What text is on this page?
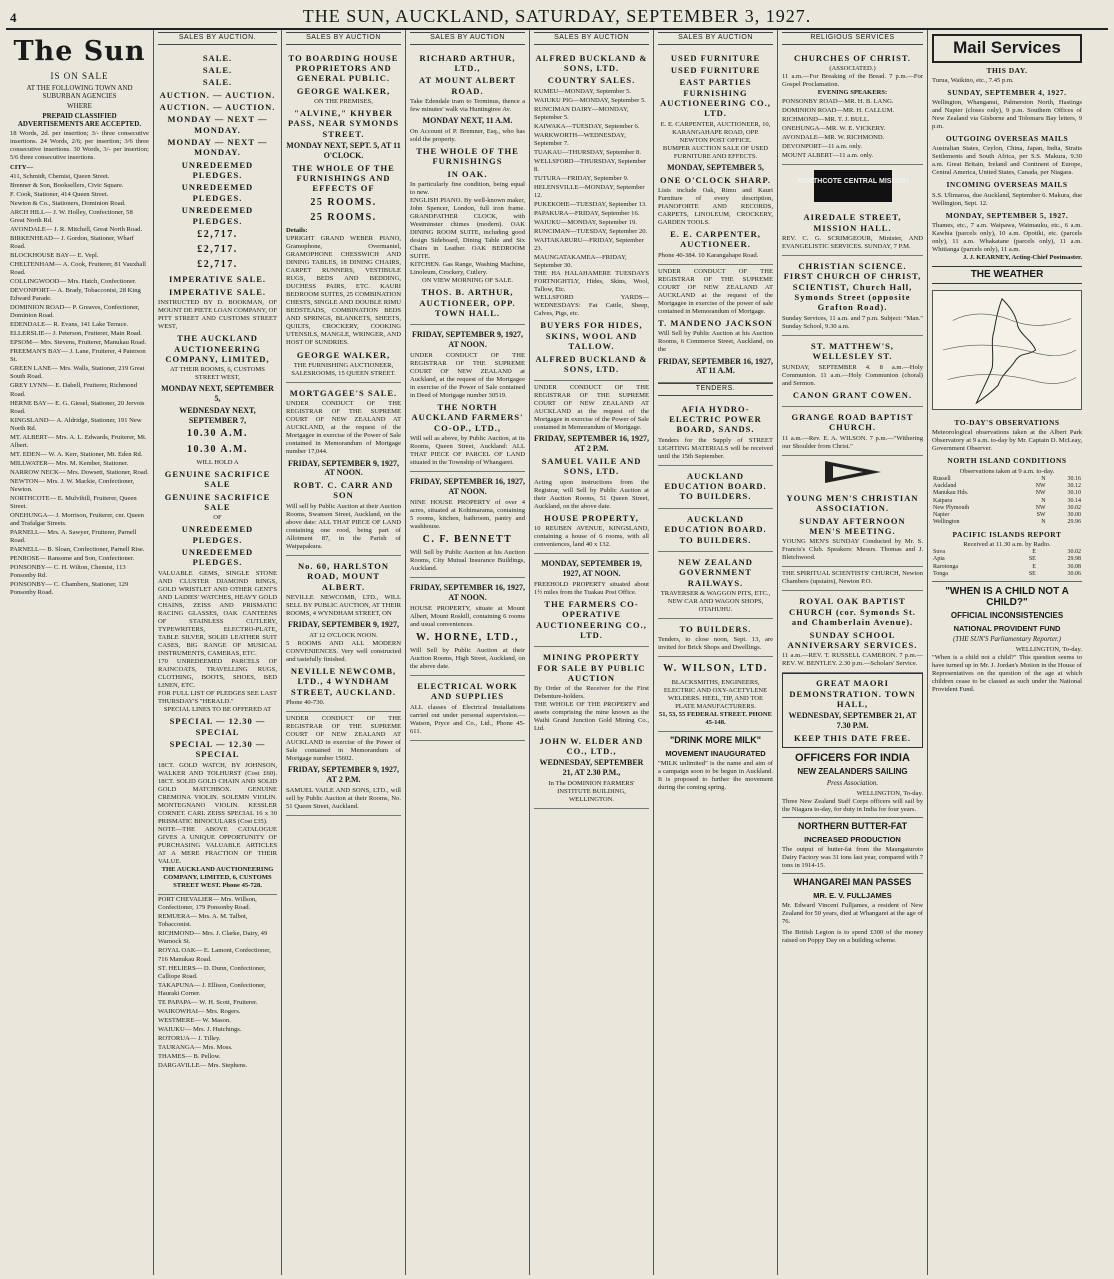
4	THE SUN, AUCKLAND, SATURDAY, SEPTEMBER 3, 1927.
The Sun
IS ON SALE
AT THE FOLLOWING TOWN AND SUBURBAN AGENCIES
WHERE
PREPAID CLASSIFIED ADVERTISEMENTS ARE ACCEPTED.
18 Words, 2d. per insertion; 3/- three consecutive insertions. 24 Words, 2/6; per insertion; 3/6 three consecutive insertions. 30 Words, 3/- per insertion; 5/6 three consecutive insertions.
CITY—
411, Schmidt, Chemist, Queen Street.
Brenner & Son, Booksellers, Civic Square.
F. Cook, Stationer, 414 Queen Street.
Newton & Co., Stationers, Dominion Road.
ARCH HILL— J. W. Holley, Confectioner, 58 Great North Rd.
AVONDALE— J. R. Mitchell, Great North Road.
BIRKENHEAD— J. Gordon, Stationer, Wharf Road.
BLOCKHOUSE BAY— E. Vepl.
CHELTENHAM— A. Cook, Fruiterer, 81 Vauxhall Road.
COLLINGWOOD— Mrs. Hatch, Confectioner.
DEVONPORT— A. Brady, Tobacconist, 28 King Edward Parade.
DOMINION ROAD— P. Greaves, Confectioner, Dominion Road.
EDENDALE— R. Evans, 141 Lake Terrace.
ELLERSLIE— J. Peterson, Fruiterer, Main Road.
EPSOM— Mrs. Stevens, Fruiterer, Manukau Road.
FREEMAN'S BAY— J. Lane, Fruiterer, 4 Paterson St.
GREEN LANE— Mrs. Walls, Stationer, 219 Great South Road.
GREY LYNN— E. Dabell, Fruiterer, Richmond Road.
HERNE BAY— E. G. Giesel, Stationer, 20 Jervois Road.
KINGSLAND— A. Aldridge, Stationer, 191 New North Rd.
MT. ALBERT— Mrs. A. L. Edwards, Fruiterer, Mt. Albert.
MT. EDEN— W. A. Kerr, Stationer, Mt. Eden Rd.
MILLWATER— Mrs. M. Kember, Stationer.
NARROW NECK— Mrs. Dowsett, Stationer, Road.
NEWTON— Mrs. J. W. Mackie, Confectioner, Newton.
NORTHCOTE— E. Mulvihill, Fruiterer, Queen Street.
ONEHUNGA— J. Morrison, Fruiterer, cnr. Queen and Trafalgar Streets.
PARNELL— Mrs. A. Sawyer, Fruiterer, Parnell Road.
PARNELL— B. Sloan, Confectioner, Parnell Rise.
PENROSE— Ransome and Son, Confectioner.
PONSONBY— C. H. Wilton, Chemist, 113 Ponsonby Rd.
PONSONBY— C. Chambers, Stationer, 129 Ponsonby Road.
SALES BY AUCTION.
SALE.
SALE.
SALE.
AUCTION. — AUCTION.
AUCTION. — AUCTION.
MONDAY — NEXT — MONDAY.
MONDAY — NEXT — MONDAY.
UNREDEEMED PLEDGES.
UNREDEEMED PLEDGES.
UNREDEEMED PLEDGES.
£2,717.
£2,717.
£2,717.
IMPERATIVE SALE.
IMPERATIVE SALE.
INSTRUCTED BY D. BOOKMAN, OF MOUNT DE PIETE LOAN COMPANY, OF PITT STREET AND CUSTOMS STREET WEST,
THE AUCKLAND AUCTIONEERING COMPANY, LIMITED,
AT THEIR ROOMS, 6, CUSTOMS STREET WEST,
MONDAY NEXT, SEPTEMBER 5,
WEDNESDAY NEXT, SEPTEMBER 7,
10.30 A.M.
10.30 A.M.
WILL HOLD A
GENUINE SACRIFICE SALE
GENUINE SACRIFICE SALE
OF
UNREDEEMED PLEDGES.
UNREDEEMED PLEDGES.
VALUABLE GEMS, SINGLE STONE AND CLUSTER DIAMOND RINGS, GOLD WRISTLET AND OTHER GENT'S AND LADIES' WATCHES, HEAVY GOLD CHAINS, ZEISS AND PRISMATIC RACING GLASSES, OAK CANTEENS OF STAINLESS CUTLERY, TYPEWRITERS, ELECTRO-PLATE, TABLE SILVER, SOLID LEATHER SUIT CASES, BIG RANGE OF MUSICAL INSTRUMENTS, CAMERAS, ETC.
170 UNREDEEMED PARCELS OF RAINCOATS, TRAVELLING RUGS, CLOTHING, BOOTS, SHOES, BED LINEN, ETC.
FOR FULL LIST OF PLEDGES SEE LAST THURSDAY'S "HERALD."
SPECIAL LINES TO BE OFFERED AT
SPECIAL — 12.30 — SPECIAL
SPECIAL — 12.30 — SPECIAL
18CT. GOLD WATCH, BY JOHNSON, WALKER AND TOLHURST (Cost £60). 18CT. SOLID GOLD CHAIN AND SOLID GOLD MATCHBOX. GENUINE CREMONA VIOLIN. SOLEMN VIOLIN. MONTEGNANO VIOLIN. KESSLER CORNET. CARL ZEISS SPECIAL 16 x 30 PRISMATIC BINOCULARS (Cost £35).
NOTE—THE ABOVE CATALOGUE GIVES A UNIQUE OPPORTUNITY OF PURCHASING VALUABLE ARTICLES AT A MERE FRACTION OF THEIR VALUE.
THE AUCKLAND AUCTIONEERING COMPANY, LIMITED, 6, CUSTOMS STREET WEST. Phone 45-728.
PORT CHEVALIER— Mrs. Willson, Confectioner, 179 Ponsonby Road.
REMUERA— Mrs. A. M. Talbot, Tobacconist.
RICHMOND— Mrs. J. Clarke, Dairy, 49 Warnock St.
ROYAL OAK— E. Lamont, Confectioner, 716 Manukau Road.
ST. HELIERS— D. Dunn, Confectioner, Calliope Road.
TAKAPUNA— J. Ellison, Confectioner, Hauraki Corner.
TE PAPAPA— W. H. Scott, Fruiterer.
WAIKOWHAI— Mrs. Rogers.
WESTMERE— W. Mason.
WAIUKU— Mrs. J. Hutchings.
ROTORUA— J. Tilley.
TAURANGA— Mrs. Moss.
THAMES— B. Pellow.
DARGAVILLE— Mrs. Stephens.
SALES BY AUCTION
TO BOARDING HOUSE PROPRIETORS AND GENERAL PUBLIC.
GEORGE WALKER,
ON THE PREMISES,
"ALVINE," KHYBER PASS, NEAR SYMONDS STREET.
MONDAY NEXT, SEPT. 5, AT 11 O'CLOCK.
THE WHOLE OF THE FURNISHINGS AND EFFECTS OF
25 ROOMS.
25 ROOMS.
Details:
UPRIGHT GRAND WEBER PIANO, Gramophone, Overmantel, GRAMOPHONE CHESSWICH AND DINING TABLES, 18 DINING CHAIRS, CARPET RUNNERS, VESTIBULE RUGS, BEDS AND BEDDING, DUCHESS PAIRS, ETC. KAURI BEDROOM SUITES, 25 COMBINATION CHESTS, SINGLE AND DOUBLE RIMU BEDSTEADS, COMBINATION BEDS AND SPRINGS, BLANKETS, SHEETS, QUILTS, CROCKERY, COOKING UTENSILS, MANGLE, WRINGER, AND HOST OF SUNDRIES.
GEORGE WALKER,
THE FURNISHING AUCTIONEER, SALESROOMS, 15 QUEEN STREET.
MORTGAGEE'S SALE.
UNDER CONDUCT OF THE REGISTRAR OF THE SUPREME COURT OF NEW ZEALAND AT AUCKLAND, at the request of the Mortgagee in exercise of the Power of Sale contained in Memorandum of Mortgage number 17,044.
FRIDAY, SEPTEMBER 9, 1927, AT NOON.
ROBT. C. CARR AND SON
Will sell by Public Auction at their Auction Rooms, Swanson Street, Auckland, on the above date: ALL THAT PIECE OF LAND containing one rood, being part of Allotment 87, in the Parish of Waipapakura.
No. 60, HARLSTON ROAD, MOUNT ALBERT.
NEVILLE NEWCOMB, LTD., WILL SELL BY PUBLIC AUCTION, AT THEIR ROOMS, 4 WYNDHAM STREET, ON
FRIDAY, SEPTEMBER 9, 1927,
AT 12 O'CLOCK NOON.
5 ROOMS AND ALL MODERN CONVENIENCES. Very well constructed and tastefully finished.
NEVILLE NEWCOMB, LTD., 4 WYNDHAM STREET, AUCKLAND.
Phone 40-730.
UNDER CONDUCT OF THE REGISTRAR OF THE SUPREME COURT OF NEW ZEALAND AT AUCKLAND in exercise of the Power of Sale contained in Memorandum of Mortgage number 15602.
FRIDAY, SEPTEMBER 9, 1927, AT 2 P.M.
SAMUEL VAILE AND SONS, LTD., will sell by Public Auction at their Rooms, No. 51 Queen Street, Auckland.
SALES BY AUCTION
RICHARD ARTHUR, LTD.,
AT MOUNT ALBERT ROAD.
Take Edendale tram to Terminus, thence a few minutes' walk via Huntingtree Av.
MONDAY NEXT, 11 A.M.
On Account of P. Bremner, Esq., who has sold the property.
THE WHOLE OF THE FURNISHINGS
IN OAK.
In particularly fine condition, being equal to new.
ENGLISH PIANO. By well-known maker, John Spencer, London, full iron frame. GRANDFATHER CLOCK, with Westminster chimes (modern). OAK DINING ROOM SUITE, including good design Sideboard, Dining Table and Six Chairs in Leather. OAK BEDROOM SUITE.
KITCHEN. Gas Range, Washing Machine, Linoleum, Crockery, Cutlery.
ON VIEW MORNING OF SALE.
THOS. B. ARTHUR, AUCTIONEER, OPP. TOWN HALL.
FRIDAY, SEPTEMBER 9, 1927, AT NOON.
UNDER CONDUCT OF THE REGISTRAR OF THE SUPREME COURT OF NEW ZEALAND at Auckland, at the request of the Mortgagee in exercise of the Power of Sale contained in Deed of Mortgage number 30519.
THE NORTH AUCKLAND FARMERS' CO-OP., LTD.,
Will sell as above, by Public Auction, at its Rooms, Queen Street, Auckland: ALL THAT PIECE OF PARCEL OF LAND situated in the Township of Whangarei.
FRIDAY, SEPTEMBER 16, 1927, AT NOON.
NINE HOUSE PROPERTY of over 4 acres, situated at Kohimarama, containing 5 rooms, kitchen, bathroom, pantry and washhouse.
C. F. BENNETT
Will Sell by Public Auction at his Auction Rooms, City Mutual Insurance Buildings, Auckland.
FRIDAY, SEPTEMBER 16, 1927, AT NOON.
HOUSE PROPERTY, situate at Mount Albert, Mount Roskill, containing 6 rooms and usual conveniences.
W. HORNE, LTD.,
Will Sell by Public Auction at their Auction Rooms, High Street, Auckland, on the above date.
ELECTRICAL WORK AND SUPPLIES
ALL classes of Electrical Installations carried out under personal supervision.—Watson, Pryce and Co., Ltd., Phone 45-611.
SALES BY AUCTION
ALFRED BUCKLAND & SONS, LTD.
COUNTRY SALES.
KUMEU—MONDAY, September 5.
WAIUKU PIG—MONDAY, September 5.
RUNCIMAN DAIRY—MONDAY, September 5.
KAIWAKA—TUESDAY, September 6.
WARKWORTH—WEDNESDAY, September 7.
TUAKAU—THURSDAY, September 8.
WELLSFORD—THURSDAY, September 8.
TUTURA—FRIDAY, September 9.
HELENSVILLE—MONDAY, September 12.
PUKEKOHE—TUESDAY, September 13.
PAPAKURA—FRIDAY, September 16.
WAIUKU—MONDAY, September 19.
RUNCIMAN—TUESDAY, September 20.
WAITAKARURU—FRIDAY, September 23.
MAUNGATAKAMEA—FRIDAY, September 30.
THE HA HALAHAMERE TUESDAYS FORTNIGHTLY, Hides, Skins, Wool, Tallow, Etc.
WELLSFORD YARDS—WEDNESDAYS: Fat Cattle, Sheep, Calves, Pigs, etc.
BUYERS FOR HIDES, SKINS, WOOL AND TALLOW.
ALFRED BUCKLAND & SONS, LTD.
UNDER CONDUCT OF THE REGISTRAR OF THE SUPREME COURT OF NEW ZEALAND AT AUCKLAND at the request of the Mortgagee in exercise of the Power of Sale contained in Memorandum of Mortgage.
FRIDAY, SEPTEMBER 16, 1927, AT 2 P.M.
SAMUEL VAILE AND SONS, LTD.
Acting upon instructions from the Registrar, will Sell by Public Auction at their Auction Rooms, 51 Queen Street, Auckland, on the above date.
HOUSE PROPERTY,
10 REUBEN AVENUE, KINGSLAND, containing a house of 6 rooms, with all conveniences, land 40 x 132.
MONDAY, SEPTEMBER 19, 1927, AT NOON.
FREEHOLD PROPERTY situated about 1½ miles from the Tuakau Post Office.
THE FARMERS CO-OPERATIVE AUCTIONEERING CO., LTD.
MINING PROPERTY FOR SALE BY PUBLIC AUCTION
By Order of the Receiver for the First Debenture-holders.
THE WHOLE OF THE PROPERTY and assets comprising the mine known as the Waihi Grand Junction Gold Mining Co., Ltd.
JOHN W. ELDER AND CO., LTD.,
WEDNESDAY, SEPTEMBER 21, AT 2.30 P.M.,
In The DOMINION FARMERS' INSTITUTE BUILDING, WELLINGTON.
SALES BY AUCTION
USED FURNITURE
USED FURNITURE
EAST PARTIES FURNISHING AUCTIONEERING CO., LTD.
E. E. CARPENTER, AUCTIONEER, 10, KARANGAHAPE ROAD, OPP. NEWTON POST OFFICE.
BUMPER AUCTION SALE OF USED FURNITURE AND EFFECTS.
MONDAY, SEPTEMBER 5,
ONE O'CLOCK SHARP.
Lists include Oak, Rimu and Kauri Furniture of every description, PIANOFORTE AND RECORDS, CARPETS, LINOLEUM, CROCKERY, GARDEN TOOLS.
E. E. CARPENTER, AUCTIONEER.
Phone 40-384. 10 Karangahape Road.
UNDER CONDUCT OF THE REGISTRAR OF THE SUPREME COURT OF NEW ZEALAND AT AUCKLAND at the request of the Mortgagee in exercise of the power of sale contained in Memorandum of Mortgage.
T. MANDENO JACKSON
Will Sell by Public Auction at his Auction Rooms, 6 Commerce Street, Auckland, on the
FRIDAY, SEPTEMBER 16, 1927, AT 11 A.M.
TENDERS.
AFIA HYDRO-ELECTRIC POWER BOARD, SANDS.
Tenders for the Supply of STREET LIGHTING MATERIALS will be received until the 15th September.
AUCKLAND EDUCATION BOARD. TO BUILDERS.
AUCKLAND EDUCATION BOARD. TO BUILDERS.
NEW ZEALAND GOVERNMENT RAILWAYS.
TRAVERSER & WAGGON PITS, ETC., NEW CAR AND WAGON SHOPS, OTAHUHU.
TO BUILDERS.
Tenders, to close noon, Sept. 13, are invited for Brick Shops and Dwellings.
W. WILSON, LTD.
BLACKSMITHS, ENGINEERS, ELECTRIC AND OXY-ACETYLENE WELDERS. HEEL, TIP, AND TOE PLATE MANUFACTURERS.
51, 53, 55 FEDERAL STREET. PHONE 45-148.
"DRINK MORE MILK"
MOVEMENT INAUGURATED
"MILK unlimited" is the name and aim of a campaign soon to be begun in Auckland. It is proposed to further the movement during the coming spring.
RELIGIOUS SERVICES
CHURCHES OF CHRIST.
(ASSOCIATED.)
11 a.m.—For Breaking of the Bread. 7 p.m.—For Gospel Proclamation.
EVENING SPEAKERS:
PONSONBY ROAD—MR. H. B. LANG.
DOMINION ROAD—MR. H. CALLUM.
RICHMOND—MR. T. J. BULL.
ONEHUNGA—MR. W. E. VICKERY.
AVONDALE—MR. W. RICHMOND.
DEVONPORT—11 a.m. only.
MOUNT ALBERT—11 a.m. only.
NORTHCOTE CENTRAL MISSION
AIREDALE STREET, MISSION HALL.
REV. C. G. SCRIMGEOUR, Minister, AND EVANGELISTIC SERVICES. SUNDAY, 7 P.M.
CHRISTIAN SCIENCE. FIRST CHURCH OF CHRIST, SCIENTIST, Church Hall, Symonds Street (opposite Grafton Road).
Sunday Services, 11 a.m. and 7 p.m. Subject: "Man." Sunday School, 9.30 a.m.
ST. MATTHEW'S, WELLESLEY ST.
SUNDAY, SEPTEMBER 4. 8 a.m.—Holy Communion. 11 a.m.—Holy Communion (choral) and Sermon.
CANON GRANT COWEN.
GRANGE ROAD BAPTIST CHURCH.
11 a.m.—Rev. E. A. WILSON. 7 p.m.—"Withering our Shoulder from Christ."
YOUNG MEN'S CHRISTIAN ASSOCIATION.
SUNDAY AFTERNOON MEN'S MEETING.
YOUNG MEN'S SUNDAY Conducted by Mr. S. Francis's Club. Speakers: Messrs. Thomas and J. Bletchwood.
THE SPIRITUAL SCIENTISTS' CHURCH, Newton Chambers (upstairs), Newton P.O.
ROYAL OAK BAPTIST CHURCH (cor. Symonds St. and Chamberlain Avenue).
SUNDAY SCHOOL ANNIVERSARY SERVICES.
11 a.m.—REV. T. RUSSELL CAMERON. 7 p.m.—REV. W. BENTLEY. 2.30 p.m.—Scholars' Service.
GREAT MAORI DEMONSTRATION. TOWN HALL,
WEDNESDAY, SEPTEMBER 21, AT 7.30 P.M.
KEEP THIS DATE FREE.
OFFICERS FOR INDIA
NEW ZEALANDERS SAILING
Press Association.
WELLINGTON, To-day.
Three New Zealand Staff Corps officers will sail by the Niagara to-day, for duty in India for four years.
NORTHERN BUTTER-FAT
INCREASED PRODUCTION
The output of butter-fat from the Maungaturoto Dairy Factory was 31 tons last year, compared with 7 tons in 1914-15.
WHANGAREI MAN PASSES
MR. E. V. FULLJAMES
Mr. Edward Vincent Fulljames, a resident of New Zealand for 50 years, died at Whangarei at the age of 76.
The British Legion is to spend £300 of the money raised on Poppy Day on a building scheme.
Mail Services
THIS DAY.
Turua, Waikino, etc., 7.45 p.m.
SUNDAY, SEPTEMBER 4, 1927.
Wellington, Whanganui, Palmerston North, Hastings and Napier (closes only), 9 p.m. Southern Offices of New Zealand via Gisborne and Tolomaru Bay letters, 9 p.m.
OUTGOING OVERSEAS MAILS
Australian States, Ceylon, China, Japan, India, Straits Settlements and South Africa, per S.S. Makura, 9.30 a.m. Great Britain, Ireland and Continent of Europe, Central America, United States, Canada, per Niagara.
INCOMING OVERSEAS MAILS
S.S. Ulimaroa, due Auckland, September 6. Makura, due Wellington, Sept. 12.
MONDAY, SEPTEMBER 5, 1927.
Thames, etc., 7 a.m. Waipawa, Waimauku, etc., 6 a.m. Kawhia (parcels only), 10 a.m. Opotiki, etc. (parcels only), 11 a.m. Whakatane (parcels only), 11 a.m. Whitianga (parcels only), 11 a.m.
J. J. KEARNEY, Acting-Chief Postmaster.
THE WEATHER
TO-DAY'S OBSERVATIONS
Meteorological observations taken at the Albert Park Observatory at 9 a.m. to-day by Mr. Captain D. McLeay, Government Observer.
NORTH ISLAND CONDITIONS
Observations taken at 9 a.m. to-day.
Russell	N	30.16
Auckland	NW	30.12
Manukau Hds.	NW	30.10
Kaipara	N	30.14
New Plymouth	NW	30.02
Napier	SW	30.00
Wellington	N	29.96
PACIFIC ISLANDS REPORT
Received at 11.30 a.m. by Radio.
Suva	E	30.02
Apia	SE	29.98
Rarotonga	E	30.08
Tonga	SE	30.06
"WHEN IS A CHILD NOT A CHILD?"
OFFICIAL INCONSISTENCIES
NATIONAL PROVIDENT FUND
(THE SUN'S Parliamentary Reporter.)
WELLINGTON, To-day.
"When is a child not a child?" This question seems to have turned up in Mr. J. Jordan's Motion in the House of Representatives on the question of the age at which children cease to be classed as such under the National Provident Fund.
